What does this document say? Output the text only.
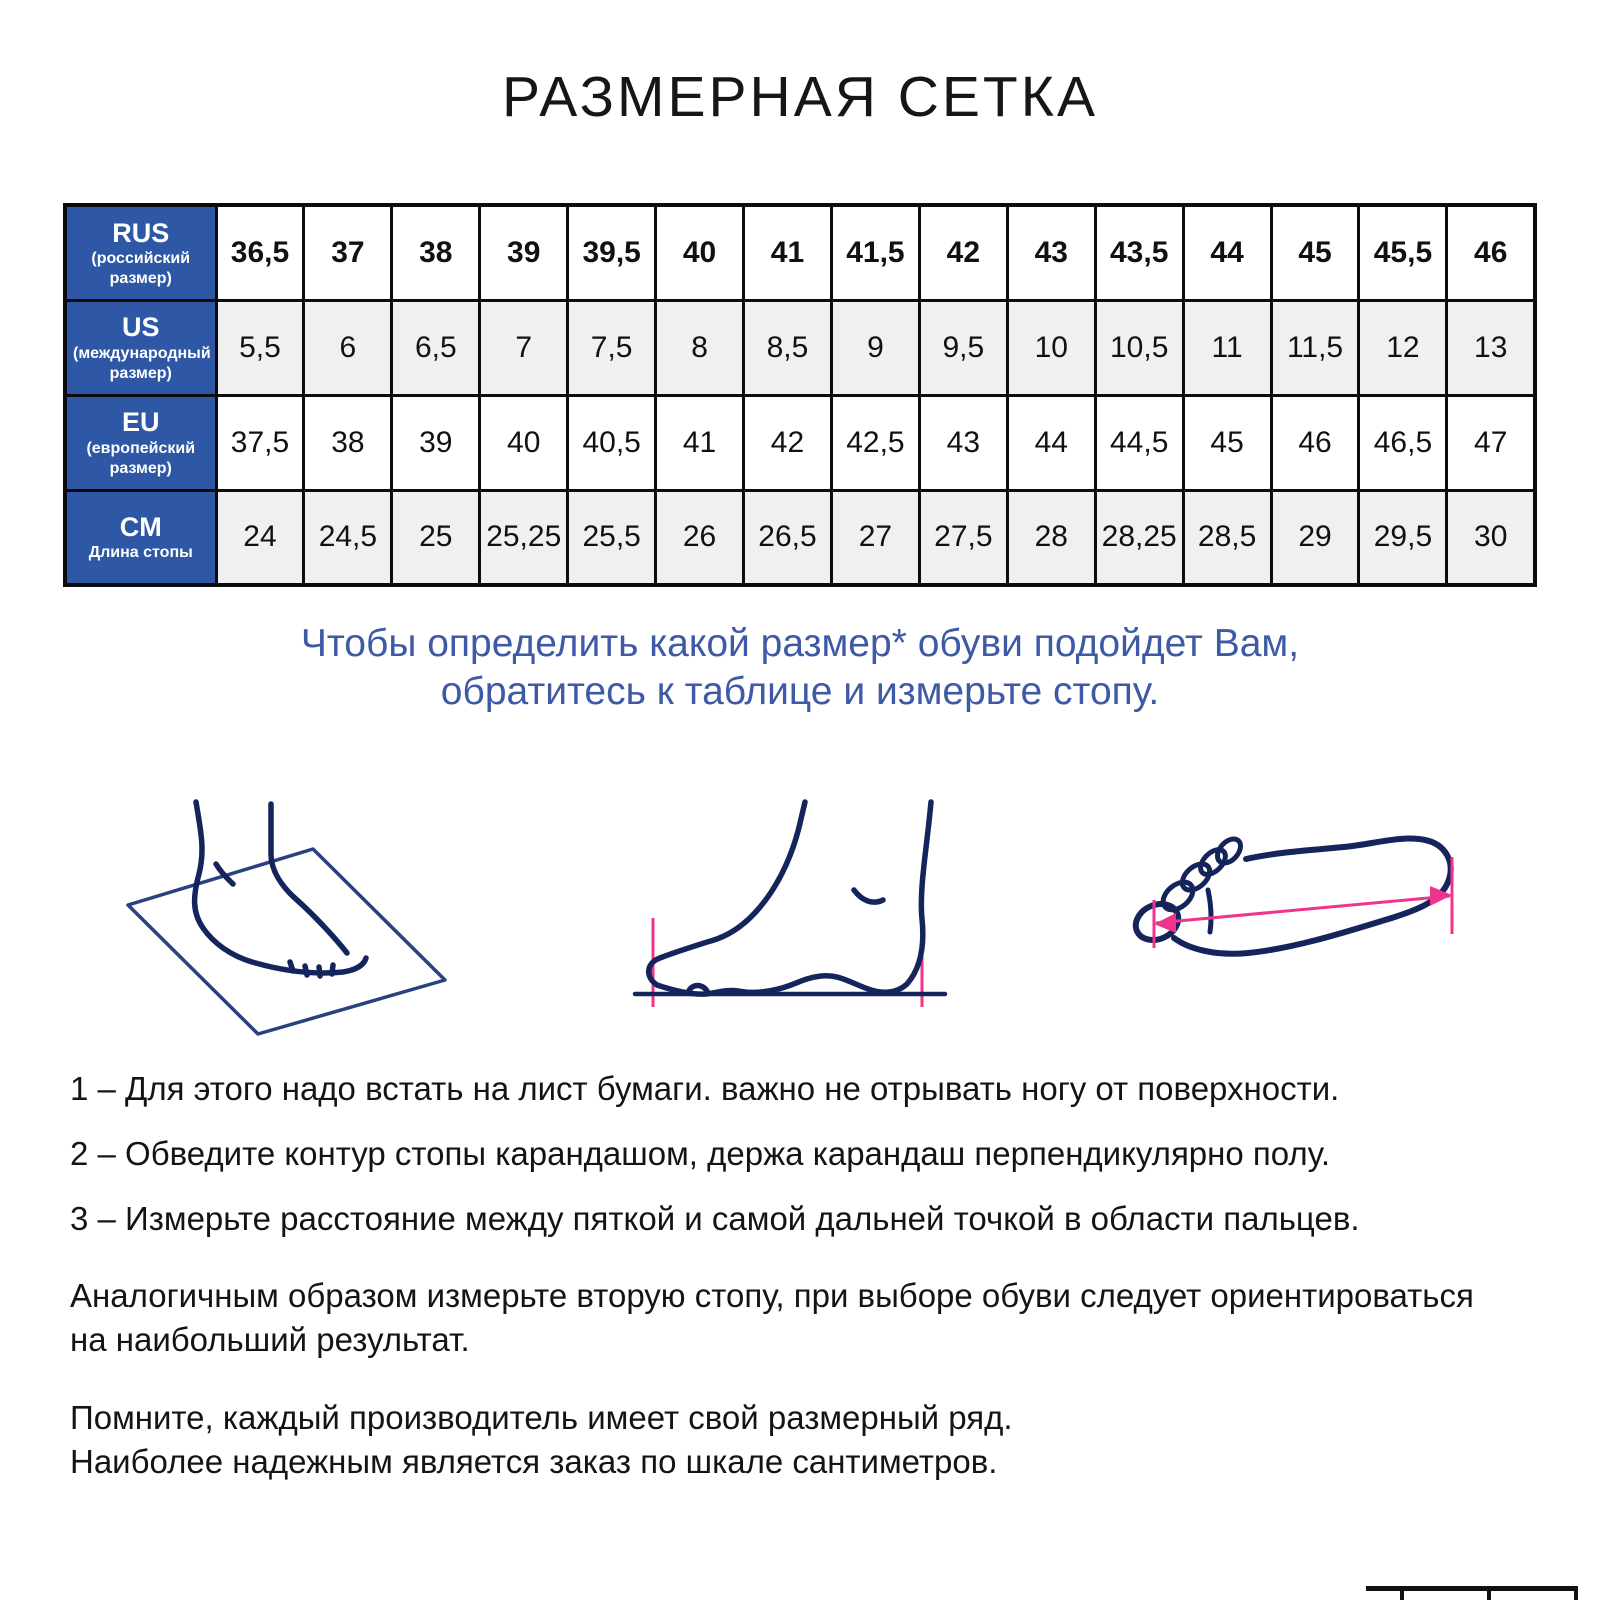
РАЗМЕРНАЯ СЕТКА
RUS
(российский размер)	36,5	37	38	39	39,5	40	41	41,5	42	43	43,5	44	45	45,5	46

US
(международный размер)	5,5	6	6,5	7	7,5	8	8,5	9	9,5	10	10,5	11	11,5	12	13

EU
(европейский размер)	37,5	38	39	40	40,5	41	42	42,5	43	44	44,5	45	46	46,5	47

CM
Длина стопы	24	24,5	25	25,25	25,5	26	26,5	27	27,5	28	28,25	28,5	29	29,5	30
Чтобы определить какой размер* обуви подойдет Вам,
обратитесь к таблице и измерьте стопу.
1 – Для этого надо встать на лист бумаги. важно не отрывать ногу от поверхности.
2 – Обведите контур стопы карандашом, держа карандаш перпендикулярно полу.
3 – Измерьте расстояние между пяткой и самой дальней точкой в области пальцев.
Аналогичным образом измерьте вторую стопу, при выборе обуви следует ориентироваться
на наибольший результат.
Помните, каждый производитель имеет свой размерный ряд.
Наиболее надежным является заказ по шкале сантиметров.
